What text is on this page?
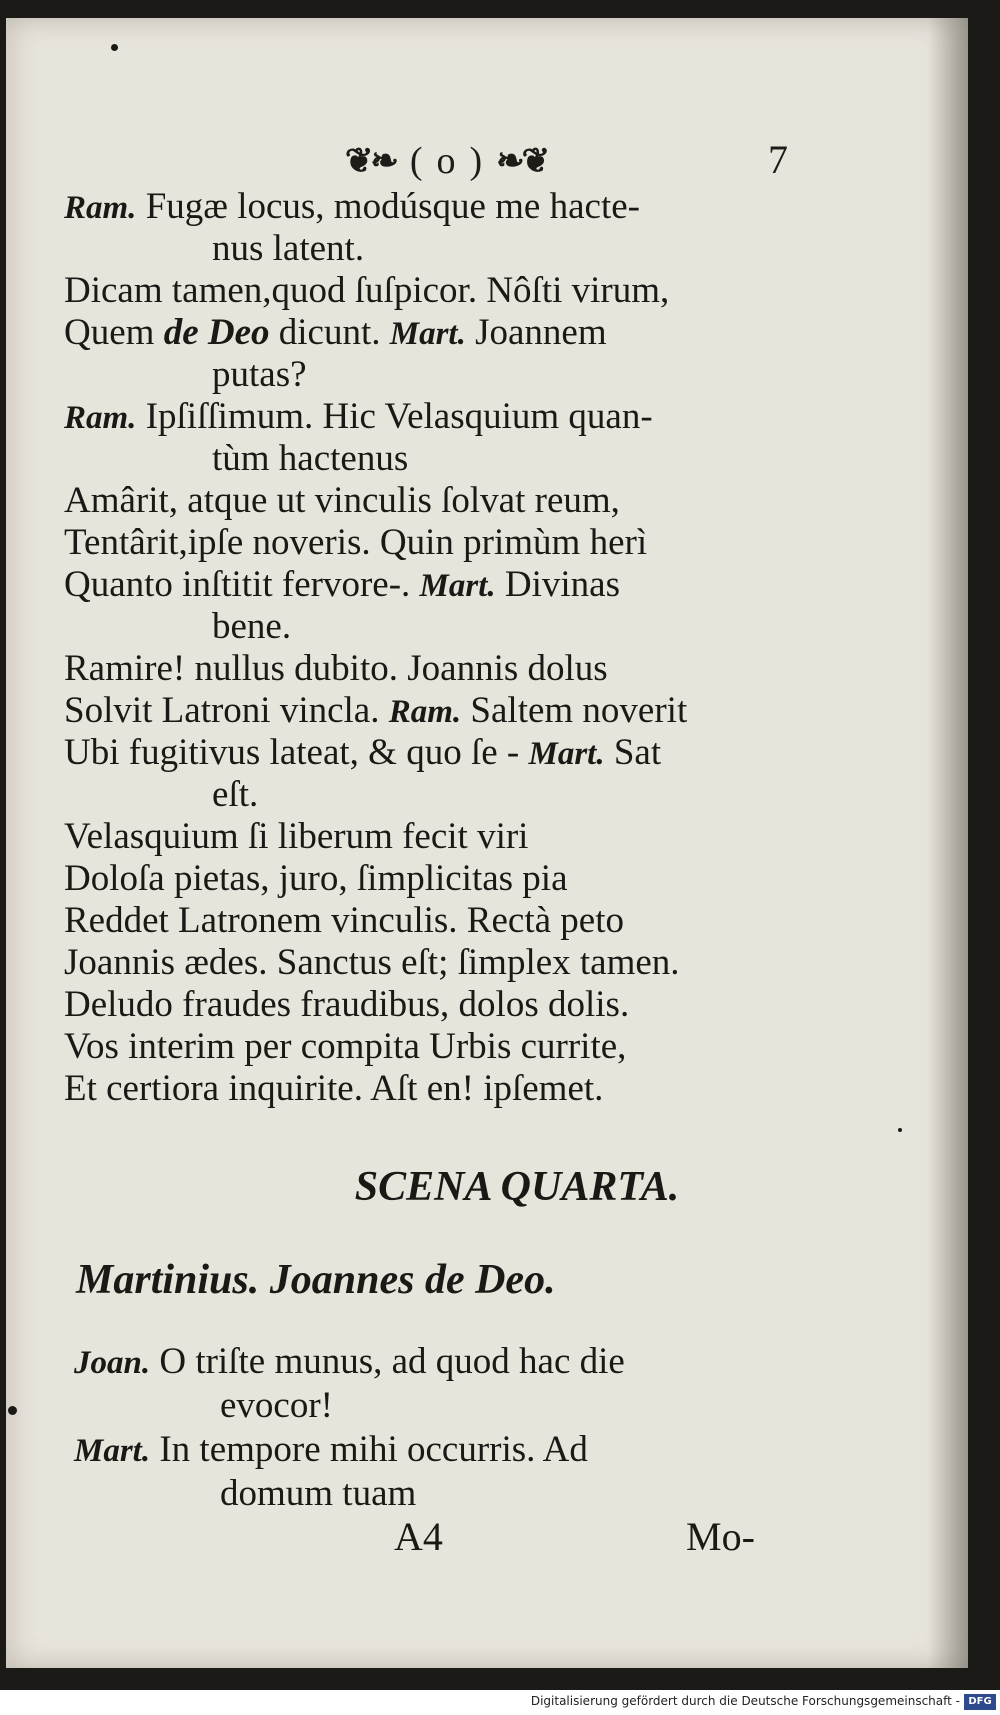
❦❧ ( o ) ❧❦	7
Ram. Fugæ locus, modúsque me hacte-
nus latent.
Dicam tamen,quod ſuſpicor. Nôſti virum,
Quem de Deo dicunt. Mart. Joannem
putas?
Ram. Ipſiſſimum. Hic Velasquium quan-
tùm hactenus
Amârit, atque ut vinculis ſolvat reum,
Tentârit,ipſe noveris. Quin primùm herì
Quanto inſtitit fervore-. Mart. Divinas
bene.
Ramire! nullus dubito. Joannis dolus
Solvit Latroni vincla. Ram. Saltem noverit
Ubi fugitivus lateat, & quo ſe - Mart. Sat
eſt.
Velasquium ſi liberum fecit viri
Doloſa pietas, juro, ſimplicitas pia
Reddet Latronem vinculis. Rectà peto
Joannis ædes. Sanctus eſt; ſimplex tamen.
Deludo fraudes fraudibus, dolos dolis.
Vos interim per compita Urbis currite,
Et certiora inquirite. Aſt en! ipſemet.
SCENA QUARTA.
Martinius. Joannes de Deo.
Joan. O triſte munus, ad quod hac die
evocor!
Mart. In tempore mihi occurris. Ad
domum tuam
A4	Mo-
Digitalisierung gefördert durch die Deutsche Forschungsgemeinschaft - DFG
